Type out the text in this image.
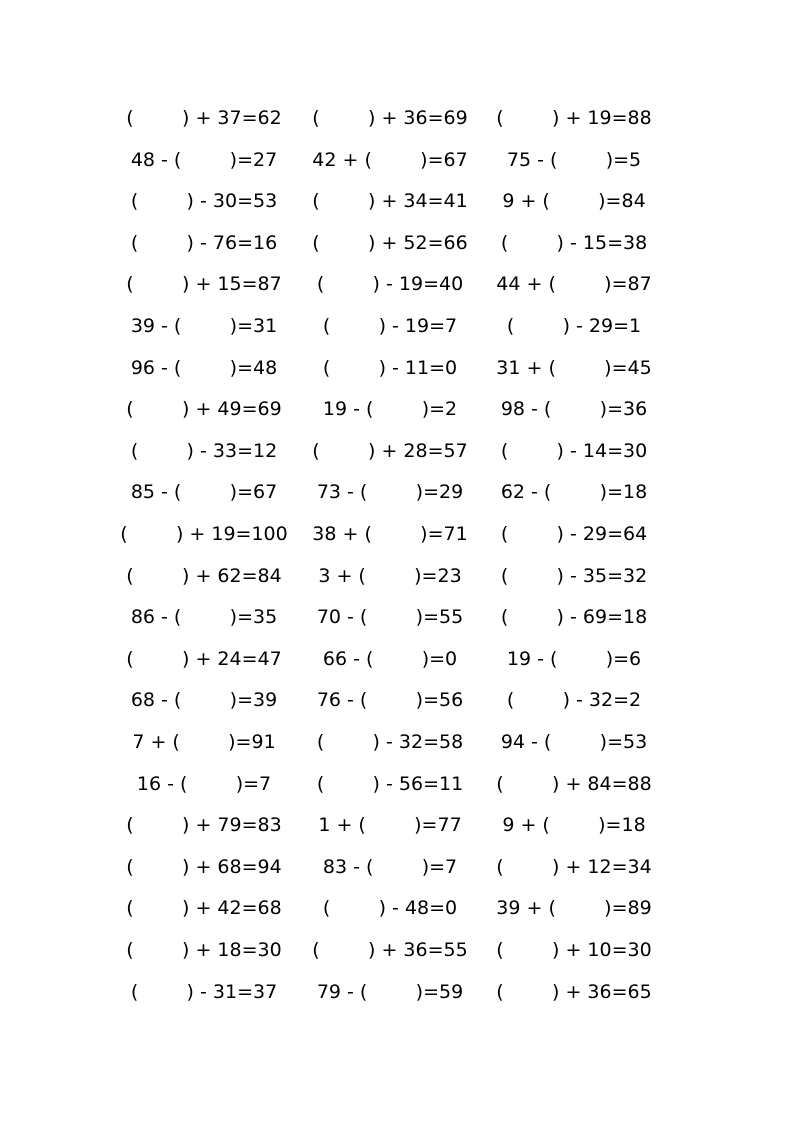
(        ) + 37=62	(        ) + 36=69	(        ) + 19=88
48 - (        )=27	42 + (        )=67	75 - (        )=5
(        ) - 30=53	(        ) + 34=41	9 + (        )=84
(        ) - 76=16	(        ) + 52=66	(        ) - 15=38
(        ) + 15=87	(        ) - 19=40	44 + (        )=87
39 - (        )=31	(        ) - 19=7	(        ) - 29=1
96 - (        )=48	(        ) - 11=0	31 + (        )=45
(        ) + 49=69	19 - (        )=2	98 - (        )=36
(        ) - 33=12	(        ) + 28=57	(        ) - 14=30
85 - (        )=67	73 - (        )=29	62 - (        )=18
(        ) + 19=100	38 + (        )=71	(        ) - 29=64
(        ) + 62=84	3 + (        )=23	(        ) - 35=32
86 - (        )=35	70 - (        )=55	(        ) - 69=18
(        ) + 24=47	66 - (        )=0	19 - (        )=6
68 - (        )=39	76 - (        )=56	(        ) - 32=2
7 + (        )=91	(        ) - 32=58	94 - (        )=53
16 - (        )=7	(        ) - 56=11	(        ) + 84=88
(        ) + 79=83	1 + (        )=77	9 + (        )=18
(        ) + 68=94	83 - (        )=7	(        ) + 12=34
(        ) + 42=68	(        ) - 48=0	39 + (        )=89
(        ) + 18=30	(        ) + 36=55	(        ) + 10=30
(        ) - 31=37	79 - (        )=59	(        ) + 36=65
